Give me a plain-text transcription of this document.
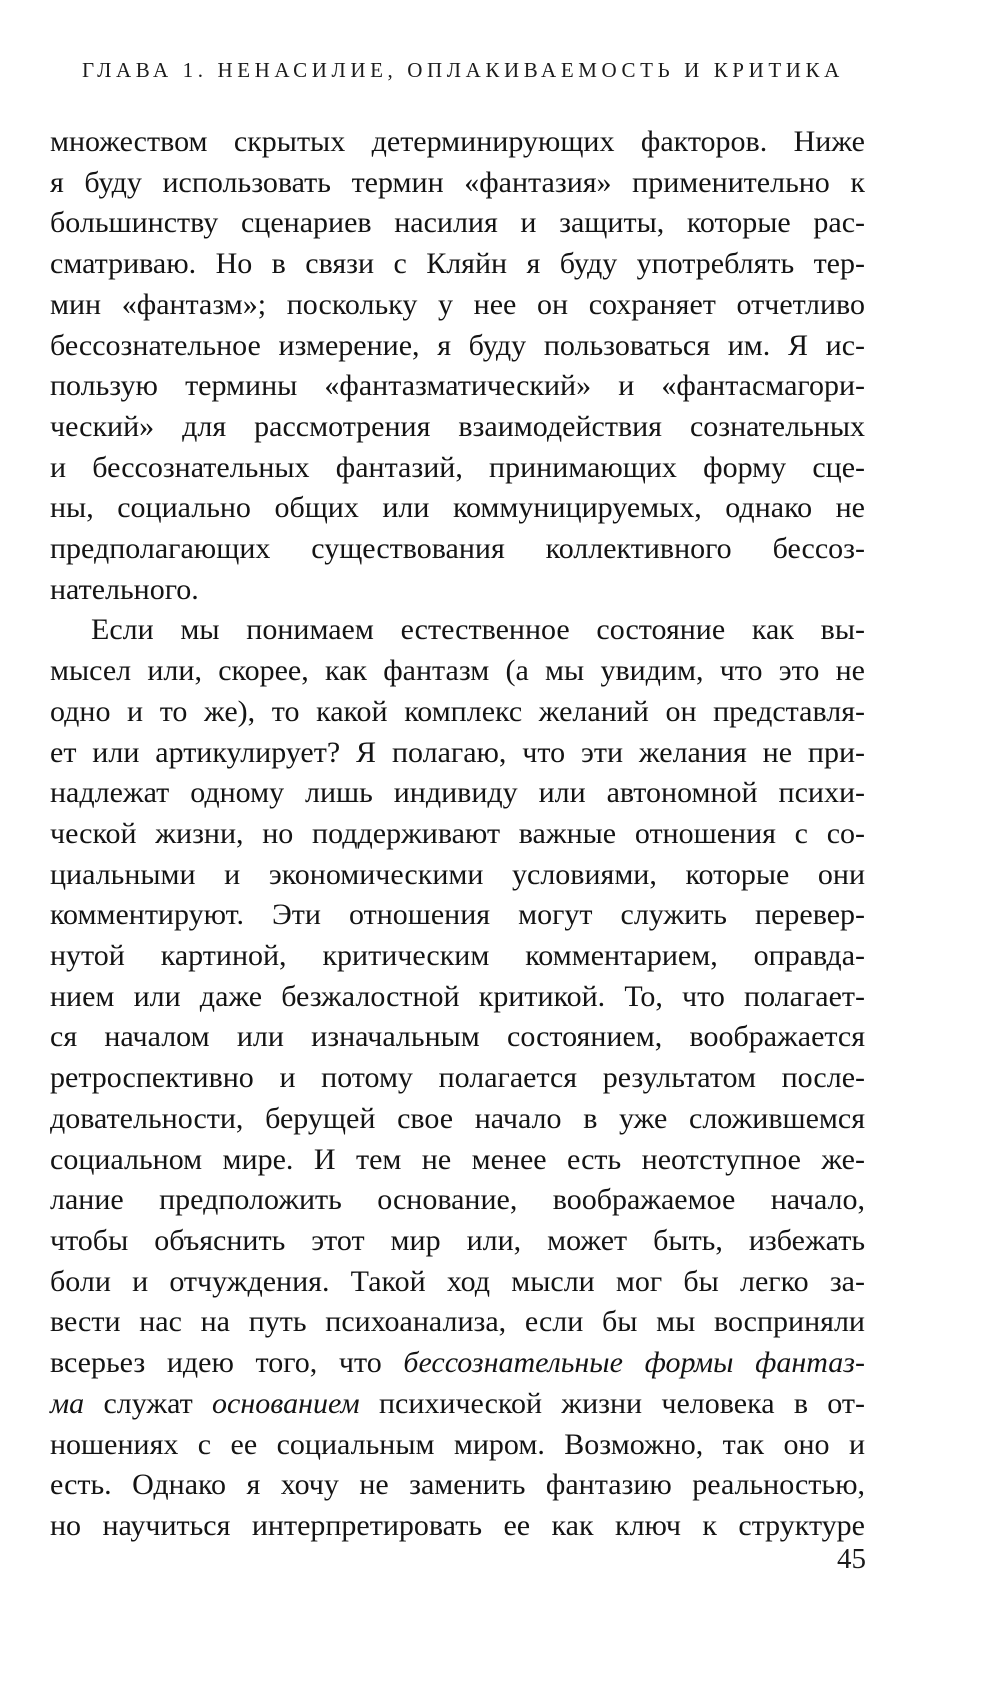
ГЛАВА 1. НЕНАСИЛИЕ, ОПЛАКИВАЕМОСТЬ И КРИТИКА
множеством скрытых детерминирующих факторов. Ниже
я буду использовать термин «фантазия» применительно к
большинству сценариев насилия и защиты, которые рас-
сматриваю. Но в связи с Кляйн я буду употреблять тер-
мин «фантазм»; поскольку у нее он сохраняет отчетливо
бессознательное измерение, я буду пользоваться им. Я ис-
пользую термины «фантазматический» и «фантасмагори-
ческий» для рассмотрения взаимодействия сознательных
и бессознательных фантазий, принимающих форму сце-
ны, социально общих или коммуницируемых, однако не
предполагающих существования коллективного бессоз-
нательного.
Если мы понимаем естественное состояние как вы-
мысел или, скорее, как фантазм (а мы увидим, что это не
одно и то же), то какой комплекс желаний он представля-
ет или артикулирует? Я полагаю, что эти желания не при-
надлежат одному лишь индивиду или автономной психи-
ческой жизни, но поддерживают важные отношения с со-
циальными и экономическими условиями, которые они
комментируют. Эти отношения могут служить перевер-
нутой картиной, критическим комментарием, оправда-
нием или даже безжалостной критикой. То, что полагает-
ся началом или изначальным состоянием, воображается
ретроспективно и потому полагается результатом после-
довательности, берущей свое начало в уже сложившемся
социальном мире. И тем не менее есть неотступное же-
лание предположить основание, воображаемое начало,
чтобы объяснить этот мир или, может быть, избежать
боли и отчуждения. Такой ход мысли мог бы легко за-
вести нас на путь психоанализа, если бы мы восприняли
всерьез идею того, что бессознательные формы фантаз-
ма служат основанием психической жизни человека в от-
ношениях с ее социальным миром. Возможно, так оно и
есть. Однако я хочу не заменить фантазию реальностью,
но научиться интерпретировать ее как ключ к структуре
45
